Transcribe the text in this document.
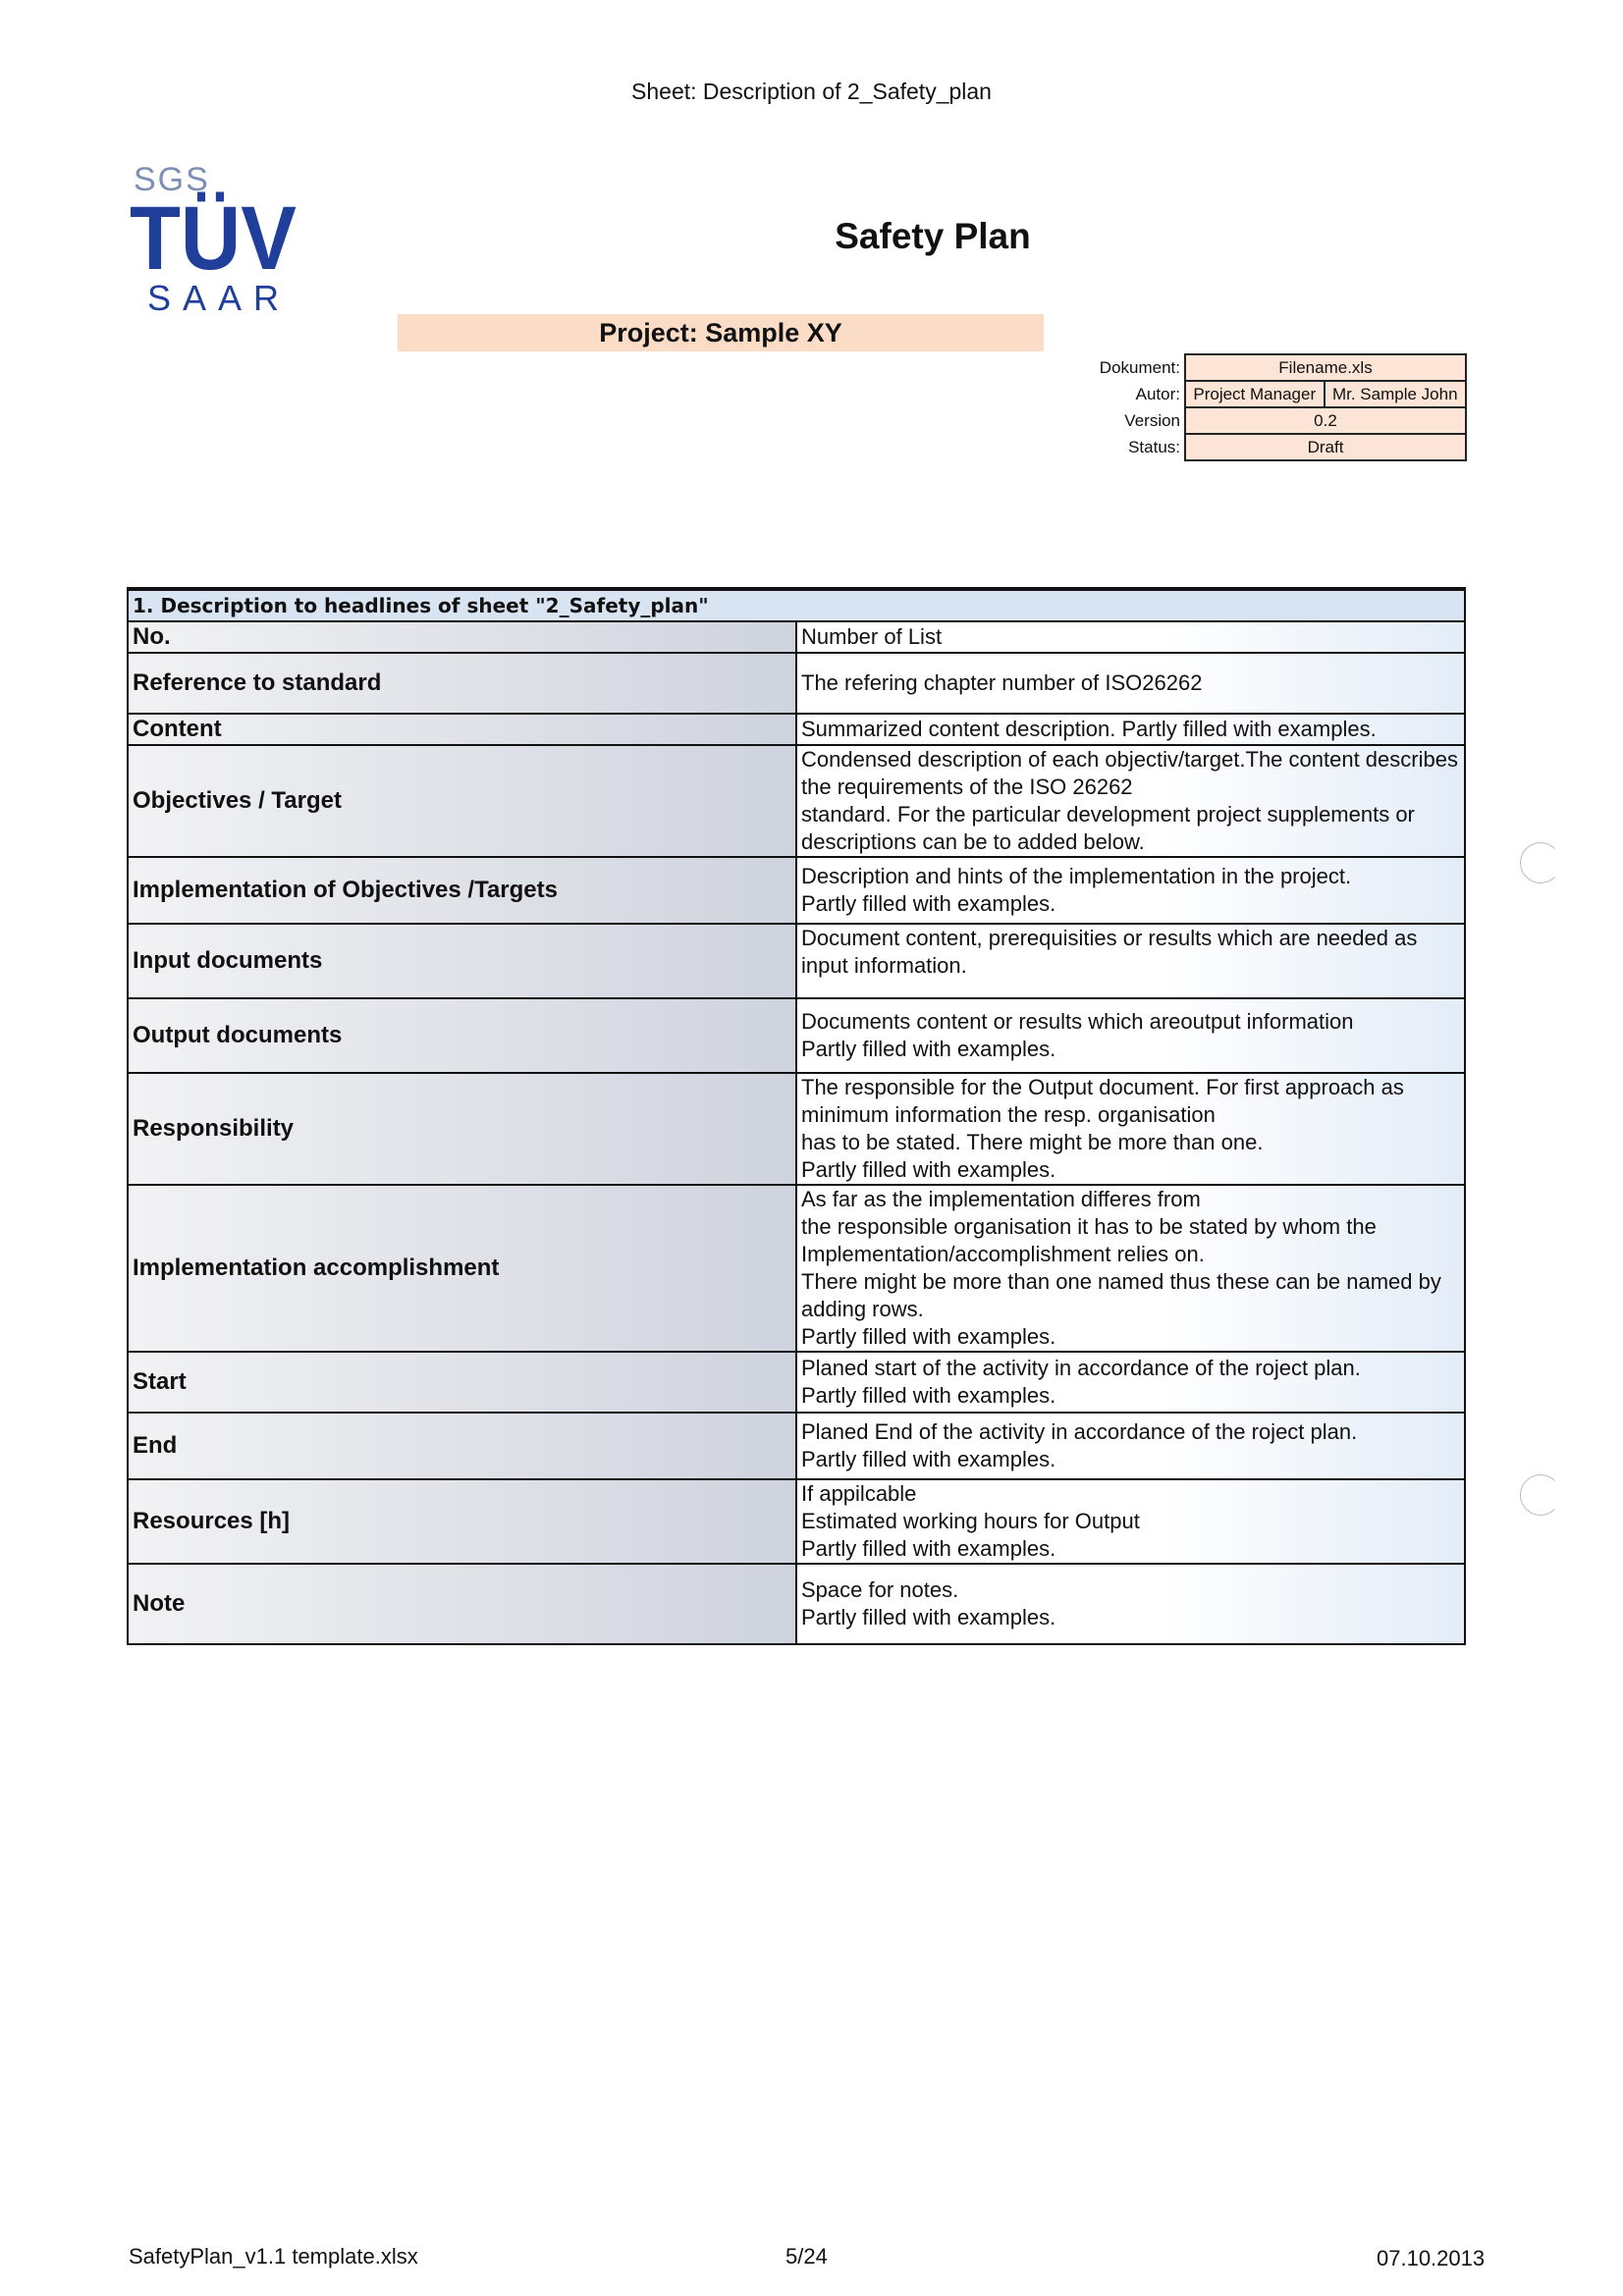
Sheet: Description of 2_Safety_plan
SGS
TÜV
SAAR
Safety Plan
Project: Sample XY
Dokument:	Filename.xls	
Autor:	Project Manager	Mr. Sample John
Version	0.2	
Status:	Draft	
1. Description to headlines of sheet "2_Safety_plan"	
No.	Number of List

Reference to standard	The refering chapter number of ISO26262

Content	Summarized content description. Partly filled with examples.

Objectives / Target	Condensed description of each objectiv/target.The content describes the requirements of the ISO 26262
standard. For the particular development project supplements or descriptions can be to added below.

Implementation of Objectives /Targets	Description and hints of the implementation in the project.
Partly filled with examples.

Input documents	Document content, prerequisities or results which are needed as input information.

Output documents	Documents content or results which areoutput information
Partly filled with examples.

Responsibility	The responsible for the Output document. For first approach as minimum information the resp. organisation
has to be stated. There might be more than one.
Partly filled with examples.

Implementation accomplishment	As far as the implementation differes from
the responsible organisation it has to be stated by whom the Implementation/accomplishment relies on.
There might be more than one named thus these can be named by adding rows.
Partly filled with examples.

Start	Planed start of the activity in accordance of the roject plan.
Partly filled with examples.

End	Planed End of the activity in accordance of the roject plan.
Partly filled with examples.

Resources [h]	If appilcable
Estimated working hours for Output
Partly filled with examples.

Note	Space for notes.
Partly filled with examples.
SafetyPlan_v1.1 template.xlsx	5/24	07.10.2013
